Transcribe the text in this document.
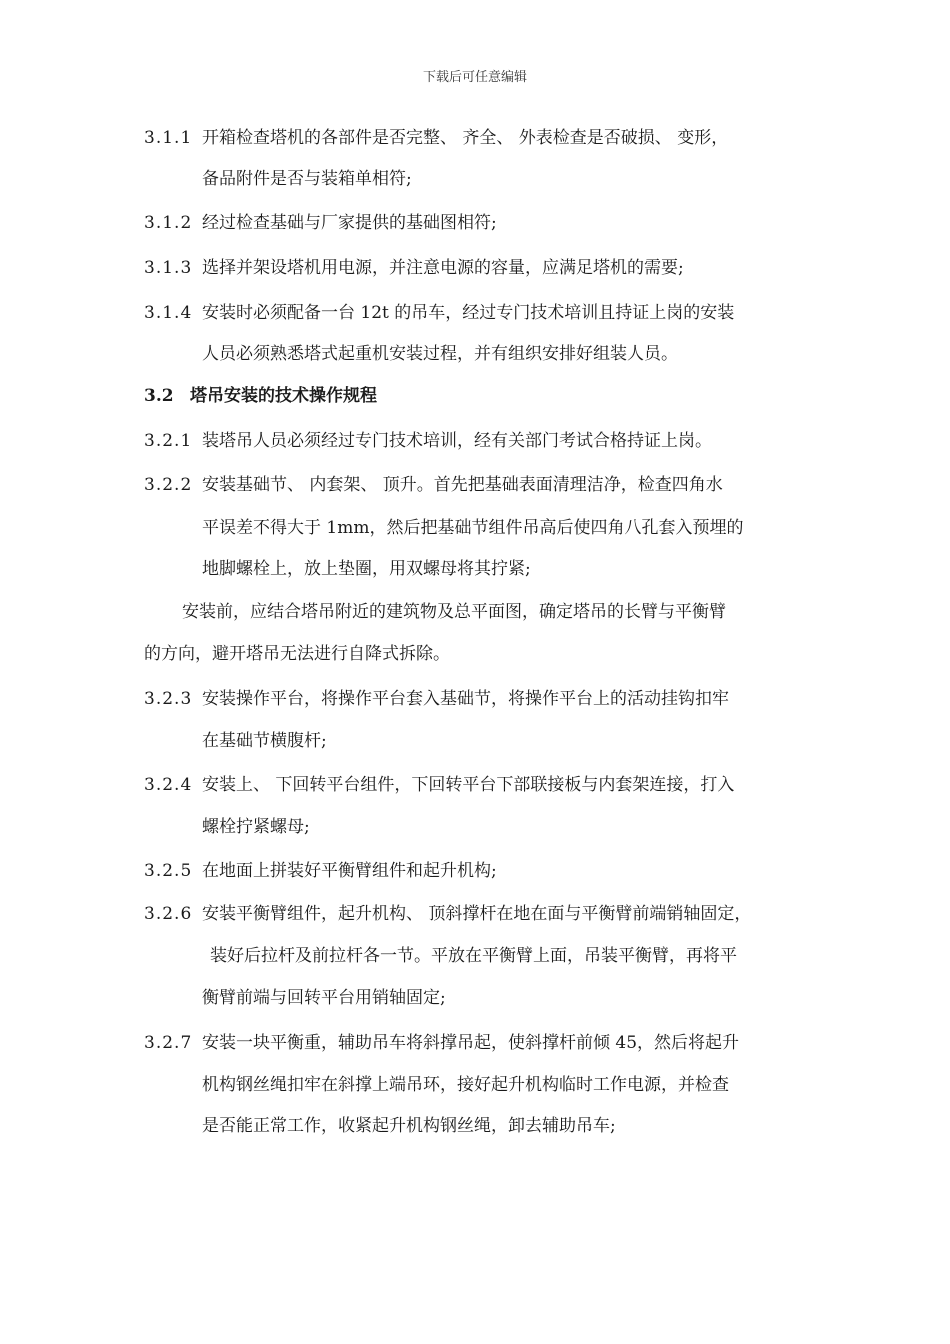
下载后可任意编辑
3.1.1 开箱检查塔机的各部件是否完整、 齐全、 外表检查是否破损、 变形，
备品附件是否与装箱单相符;
3.1.2 经过检查基础与厂家提供的基础图相符;
3.1.3 选择并架设塔机用电源，并注意电源的容量，应满足塔机的需要;
3.1.4 安装时必须配备一台 12t 的吊车，经过专门技术培训且持证上岗的安装
人员必须熟悉塔式起重机安装过程，并有组织安排好组装人员。
3.2 塔吊安装的技术操作规程
3.2.1 装塔吊人员必须经过专门技术培训，经有关部门考试合格持证上岗。
3.2.2 安装基础节、 内套架、 顶升。首先把基础表面清理洁净，检查四角水
平误差不得大于 1mm，然后把基础节组件吊高后使四角八孔套入预埋的
地脚螺栓上，放上垫圈，用双螺母将其拧紧;
安装前，应结合塔吊附近的建筑物及总平面图，确定塔吊的长臂与平衡臂
的方向，避开塔吊无法进行自降式拆除。
3.2.3 安装操作平台，将操作平台套入基础节，将操作平台上的活动挂钩扣牢
在基础节横腹杆;
3.2.4 安装上、 下回转平台组件，下回转平台下部联接板与内套架连接，打入
螺栓拧紧螺母;
3.2.5 在地面上拼装好平衡臂组件和起升机构;
3.2.6 安装平衡臂组件，起升机构、 顶斜撑杆在地在面与平衡臂前端销轴固定，
装好后拉杆及前拉杆各一节。平放在平衡臂上面，吊装平衡臂，再将平
衡臂前端与回转平台用销轴固定;
3.2.7 安装一块平衡重，辅助吊车将斜撑吊起，使斜撑杆前倾 45，然后将起升
机构钢丝绳扣牢在斜撑上端吊环，接好起升机构临时工作电源，并检查
是否能正常工作，收紧起升机构钢丝绳，卸去辅助吊车;
